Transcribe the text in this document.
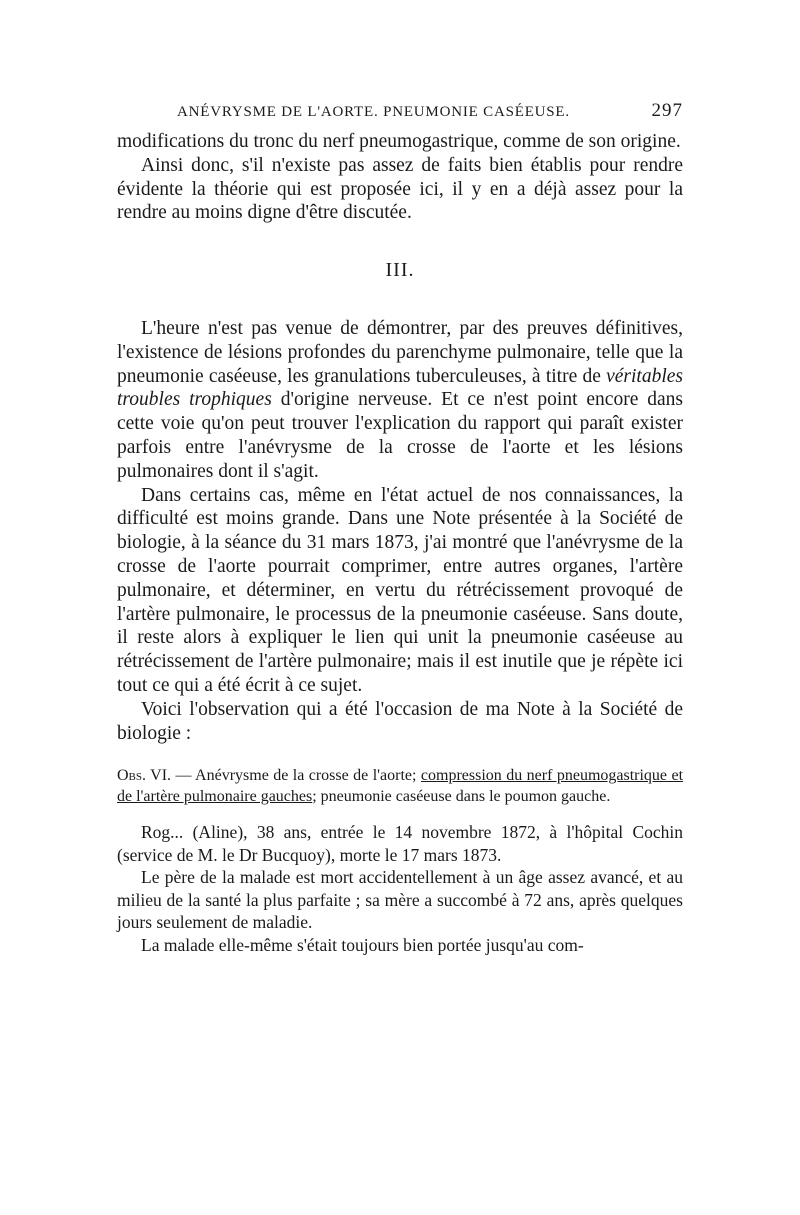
ANÉVRYSME DE L'AORTE. PNEUMONIE CASÉEUSE.	297

modifications du tronc du nerf pneumogastrique, comme de son origine.

Ainsi donc, s'il n'existe pas assez de faits bien établis pour rendre évidente la théorie qui est proposée ici, il y en a déjà assez pour la rendre au moins digne d'être discutée.

III.

L'heure n'est pas venue de démontrer, par des preuves définitives, l'existence de lésions profondes du parenchyme pulmonaire, telle que la pneumonie caséeuse, les granulations tuberculeuses, à titre de véritables troubles trophiques d'origine nerveuse. Et ce n'est point encore dans cette voie qu'on peut trouver l'explication du rapport qui paraît exister parfois entre l'anévrysme de la crosse de l'aorte et les lésions pulmonaires dont il s'agit.

Dans certains cas, même en l'état actuel de nos connaissances, la difficulté est moins grande. Dans une Note présentée à la Société de biologie, à la séance du 31 mars 1873, j'ai montré que l'anévrysme de la crosse de l'aorte pourrait comprimer, entre autres organes, l'artère pulmonaire, et déterminer, en vertu du rétrécissement provoqué de l'artère pulmonaire, le processus de la pneumonie caséeuse. Sans doute, il reste alors à expliquer le lien qui unit la pneumonie caséeuse au rétrécissement de l'artère pulmonaire; mais il est inutile que je répète ici tout ce qui a été écrit à ce sujet.

Voici l'observation qui a été l'occasion de ma Note à la Société de biologie :

Obs. VI. — Anévrysme de la crosse de l'aorte; compression du nerf pneumogastrique et de l'artère pulmonaire gauches; pneumonie caséeuse dans le poumon gauche.

Rog... (Aline), 38 ans, entrée le 14 novembre 1872, à l'hôpital Cochin (service de M. le Dr Bucquoy), morte le 17 mars 1873.

Le père de la malade est mort accidentellement à un âge assez avancé, et au milieu de la santé la plus parfaite ; sa mère a succombé à 72 ans, après quelques jours seulement de maladie.

La malade elle-même s'était toujours bien portée jusqu'au com-
